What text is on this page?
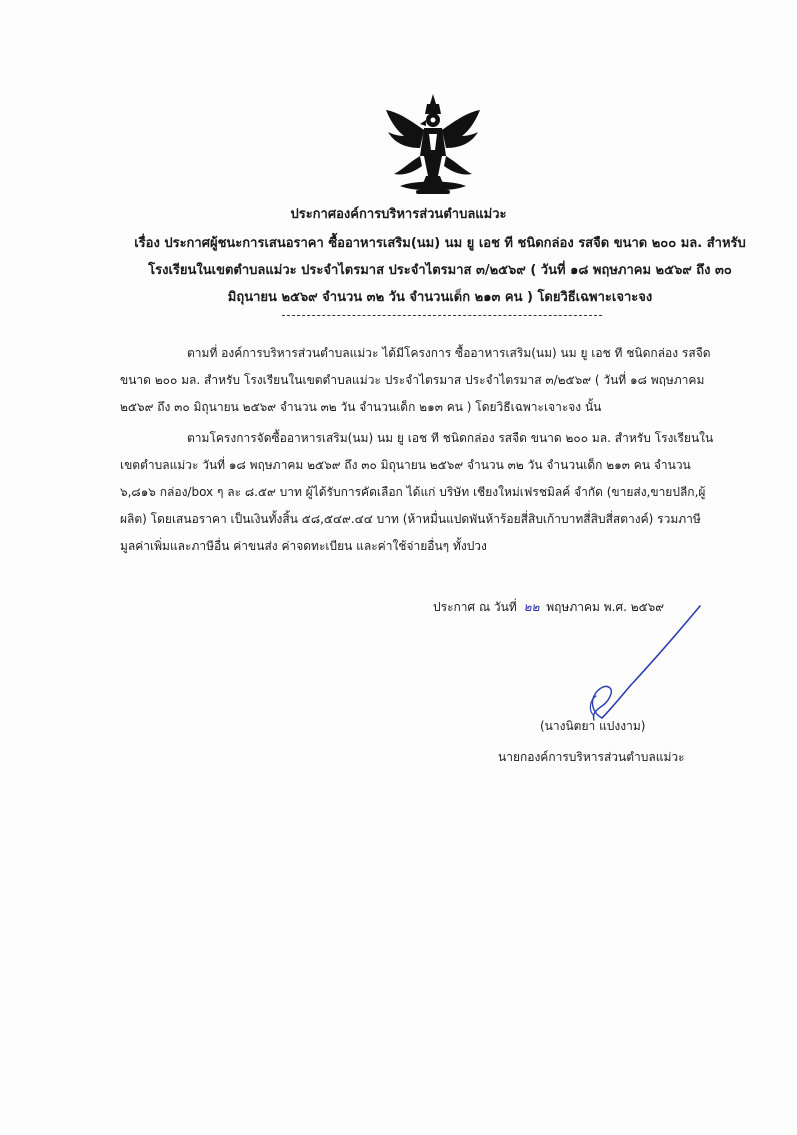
ประกาศองค์การบริหารส่วนตำบลแม่วะ
เรื่อง ประกาศผู้ชนะการเสนอราคา ซื้ออาหารเสริม(นม) นม ยู เอช ที ชนิดกล่อง รสจืด ขนาด ๒๐๐ มล. สำหรับ
โรงเรียนในเขตตำบลแม่วะ ประจำไตรมาส ประจำไตรมาส ๓/๒๕๖๙ ( วันที่ ๑๘ พฤษภาคม ๒๕๖๙ ถึง ๓๐
มิถุนายน ๒๕๖๙ จำนวน ๓๒ วัน จำนวนเด็ก ๒๑๓ คน ) โดยวิธีเฉพาะเจาะจง
ตามที่ องค์การบริหารส่วนตำบลแม่วะ ได้มีโครงการ ซื้ออาหารเสริม(นม) นม ยู เอช ที ชนิดกล่อง รสจืด
ขนาด ๒๐๐ มล. สำหรับ โรงเรียนในเขตตำบลแม่วะ ประจำไตรมาส ประจำไตรมาส ๓/๒๕๖๙ ( วันที่ ๑๘ พฤษภาคม
๒๕๖๙ ถึง ๓๐ มิถุนายน ๒๕๖๙ จำนวน ๓๒ วัน จำนวนเด็ก ๒๑๓ คน ) โดยวิธีเฉพาะเจาะจง นั้น
ตามโครงการจัดซื้ออาหารเสริม(นม) นม ยู เอช ที ชนิดกล่อง รสจืด ขนาด ๒๐๐ มล. สำหรับ โรงเรียนใน
เขตตำบลแม่วะ วันที่ ๑๘ พฤษภาคม ๒๕๖๙ ถึง ๓๐ มิถุนายน ๒๕๖๙ จำนวน ๓๒ วัน จำนวนเด็ก ๒๑๓ คน จำนวน
๖,๘๑๖ กล่อง/box ๆ ละ ๘.๕๙ บาท ผู้ได้รับการคัดเลือก ได้แก่ บริษัท เชียงใหม่เฟรชมิลค์ จำกัด (ขายส่ง,ขายปลีก,ผู้
ผลิต) โดยเสนอราคา เป็นเงินทั้งสิ้น ๕๘,๕๔๙.๔๔ บาท (ห้าหมื่นแปดพันห้าร้อยสี่สิบเก้าบาทสี่สิบสี่สตางค์) รวมภาษี
มูลค่าเพิ่มและภาษีอื่น ค่าขนส่ง ค่าจดทะเบียน และค่าใช้จ่ายอื่นๆ ทั้งปวง
ประกาศ ณ วันที่ ๒๒ พฤษภาคม พ.ศ. ๒๕๖๙
(นางนิตยา แปงงาม)
นายกองค์การบริหารส่วนตำบลแม่วะ
